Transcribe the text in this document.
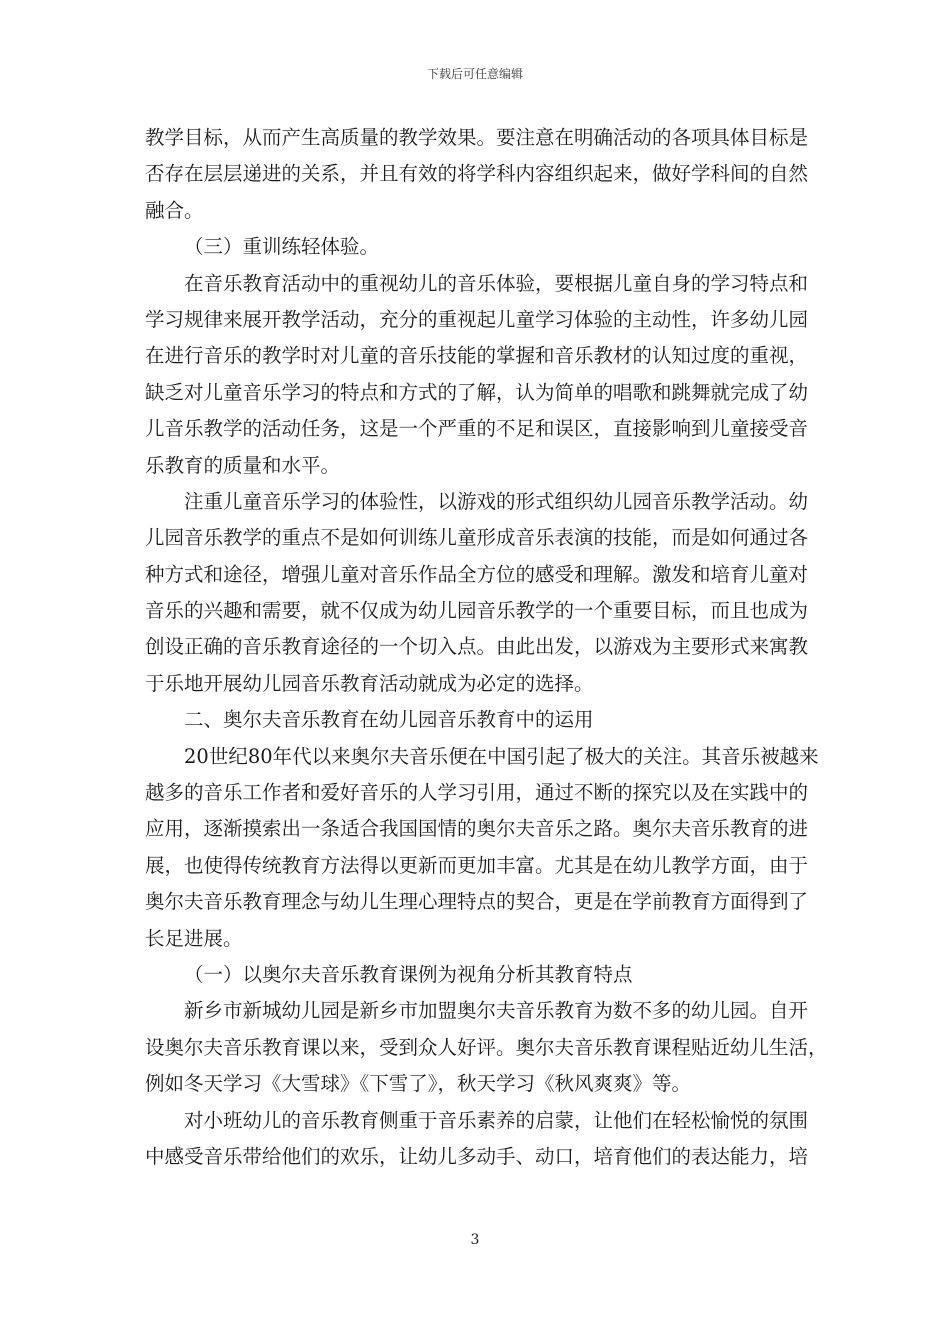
下载后可任意编辑
教学目标，从而产生高质量的教学效果。要注意在明确活动的各项具体目标是
否存在层层递进的关系，并且有效的将学科内容组织起来，做好学科间的自然
融合。
（三）重训练轻体验。
在音乐教育活动中的重视幼儿的音乐体验，要根据儿童自身的学习特点和
学习规律来展开教学活动，充分的重视起儿童学习体验的主动性，许多幼儿园
在进行音乐的教学时对儿童的音乐技能的掌握和音乐教材的认知过度的重视，
缺乏对儿童音乐学习的特点和方式的了解，认为简单的唱歌和跳舞就完成了幼
儿音乐教学的活动任务，这是一个严重的不足和误区，直接影响到儿童接受音
乐教育的质量和水平。
注重儿童音乐学习的体验性，以游戏的形式组织幼儿园音乐教学活动。幼
儿园音乐教学的重点不是如何训练儿童形成音乐表演的技能，而是如何通过各
种方式和途径，增强儿童对音乐作品全方位的感受和理解。激发和培育儿童对
音乐的兴趣和需要，就不仅成为幼儿园音乐教学的一个重要目标，而且也成为
创设正确的音乐教育途径的一个切入点。由此出发，以游戏为主要形式来寓教
于乐地开展幼儿园音乐教育活动就成为必定的选择。
二、奥尔夫音乐教育在幼儿园音乐教育中的运用
20世纪80年代以来奥尔夫音乐便在中国引起了极大的关注。其音乐被越来
越多的音乐工作者和爱好音乐的人学习引用，通过不断的探究以及在实践中的
应用，逐渐摸索出一条适合我国国情的奥尔夫音乐之路。奥尔夫音乐教育的进
展，也使得传统教育方法得以更新而更加丰富。尤其是在幼儿教学方面，由于
奥尔夫音乐教育理念与幼儿生理心理特点的契合，更是在学前教育方面得到了
长足进展。
（一）以奥尔夫音乐教育课例为视角分析其教育特点
新乡市新城幼儿园是新乡市加盟奥尔夫音乐教育为数不多的幼儿园。自开
设奥尔夫音乐教育课以来，受到众人好评。奥尔夫音乐教育课程贴近幼儿生活，
例如冬天学习《大雪球》《下雪了》，秋天学习《秋风爽爽》等。
对小班幼儿的音乐教育侧重于音乐素养的启蒙，让他们在轻松愉悦的氛围
中感受音乐带给他们的欢乐，让幼儿多动手、动口，培育他们的表达能力，培
3
